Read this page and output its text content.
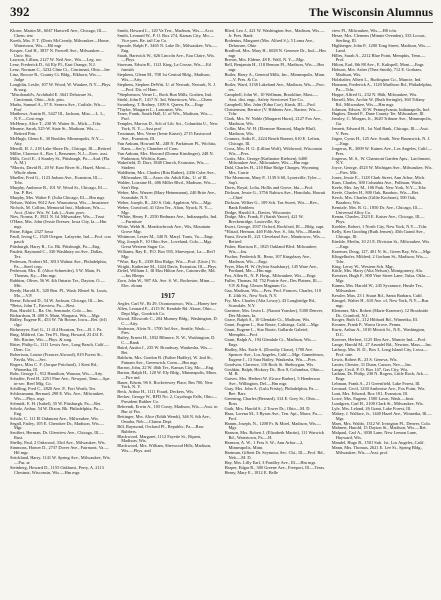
392	The Wisconsin Alumnus

Kloser, Martin M., 6047 Hartwell Ave., Chicago, Ill.—Chem. test

Koeth, Mrs. F. T. (Doris McCready, Milwaukee—Home, Watertown, Wis.—Hil mgr

Kosper, Carl H., 3837 N. Farwell Ave., Milwaukee—Univ. Stu.

Lawson, Lillian, 2127 W. Neil Ave., Wis.—Leg. sec.

Lenz, Frederick D., 64 Ely Pl., East Orange, N.J.

Lenz, Norman C., 3232 Cline Ct., Cincinnati, Ohio—Inv

Linz, Roscoe R., County Ct. Bldg., Elkhorn, Wis.—Judge

Loughlin, Leslie, 107 W. Wood, W. Waukee, N.Y.—Phys. & surg.

"Macdonald's, Archibald E. 3641 Delaware St., Cincinnati, Ohio—Sch. prin.

Marks, Samuel A., 57 E. Seneca Ave., Carlisle, Wis.—Prof

Matthews, Austin R., 5427 Ill., Jackson, Miss.—L. L., N.Y.—Cost engr.

McHenry, Alice T., 230 W. Waiter St., Mich.—Tchr.

Meanse, Sarah, 525-W. State St., Madison, Wis.—Retired Prin.

McHugh, Glenn E., 30 Boulder, Minneapolis, N.Y.—Atty.

Merrill, H. J., 218 Lake Shore Dr., Chicago, Ill.—Retired

Miller, Clarence A., Box 1, Bessemer, N.J.—Exec. asst.

Mills, Cecil E., 4 Stanley St., Pittsburgh, Pa.—Aud. (Fla. A. M.)

*Morris, David B., 20 W. Kaw River St., Hazel, Mont.—Whole ahem.

Mueller, Fred G., 1123 Judson Ave., Evanston, Ill.—Tchr.

Murphy, Ambrose B., 101 W. Wood St., Chicago, Ill.—Ins. P. Ret.

Murphy, Mrs. Walter F. (Julia Chicago, Ill.—Hm mgr.

Nelson, Walter, 9612 Ave. Wauwatosa, Wis.—Insurance

Nichols, M. Collins, Memorial Inst., Madison, Wis.—Acct. (Univ. Wis. W. Lab.)—Auto. prov.

Nies, Norma, P., 3921 N. Id. Milwaukee, Wis.—Trust

O'Hara, Mrs. John (Jessie Dresser, Iowa City, Ia.—Hm mgr.

Paine, Edgar, 2327 Iowa

Paull, Irving C., 1520 Oregon. Lafayette, Ind.—Prof. con pasch

Pittsburgh, Harry R., Co. Bk. Pittsburgh, Pa.—Eng.

Paulett, Raymond C., 330 Washbury on Ave., Dallas, Tex.

Pederson, Norbert M., 3813 Walnut Ave., Philadelphia, Pa.—Steel corp.

Pederson, Mrs. E. (Alice Schneider), 5 W. Main, Ft. Thomas, Ky.—Hm mgr.

Rabbins, Oliver, 56 W. 4th Ontario Ter., Dayton, O.—Mfr.

Reedy, Harold E., 320 Ben. Pl., Wash. Bleuel St. Louis, Mo.—V.P.

Reese, Edward D., 54 W. Jackson, Chicago, Ill.—Ins.

*Reiss, John T., Fairview, Pa.—Rest.

Rau, Harold L., Ra. Ort, Seminole, Colo.—Ins.

Richardson, H. 400 S. Main, Waupaca, Wis.—Mgr.

Ridley, Eugene R., 453 W. 7th Boone, Iowa—Ret. (frl) clgo

Rickmeyer, Earl G., 11 414 Houston, Tex.—B. I. Pa.

Ring, Mildred, Cm. Ten Pl., Ring, Howard, Zl 431 E. 8th. Racine, Wis.—Phys. & surg.

Ritter, Philip G., 1111 Lewis Ave., Long Beach, Calif.—Dem. Co.

Robertson, Louise (Frances Alwood), 819 Forest St., Pavila, Wis.—Sec.

Rogers, Miss C. F. (Jacque Pritchard), 1 Kent Rd., Winnetka, Ill.

Rohr, George J., 912 Hamilton, Wausau, Wis.—Atty.

Schaffer, Fred H., 2251 Pine Ave., Newport, Tenn.—Spe. in-sec. Reel Mfg. Co.

Schilling, Fred C., 2820 Ave. P., Fort Worth, Tex.

Schlossmann, Bernard, 298 E. Wis. Ave., Milwaukee, Wis.—Phys. mgr.

Schmidt, E. H. (Isabel), 35 W. Pittsburgh, Pa.—Ret.

Scholz, Arthur, 54 W. Dixon, Bk. Philadelphia, Pa.—Eng.

Scholz, C. 111 El Oakmont Ave., Milwaukee, Wis.

Segall, Fatley, 105 E. Cherokee Dr., Madison, Wis.—Mgr.

Seuffert, Herman, Dr. Glenview Ave., Chicago, Ill.—Rust.

Shelby, Paul, 2 Oakwood, 33rd Ave., Milwaukee, Wis.

Simmons, Homer D., 2737 Dover Ave., Fairmont, Va.—Hil mgr.

Strickland, Harry, 1141 W. Spring Ave., Milwaukee, Wis.—Pur. ar

Steinberg, Howard D., 1155 Oakhurst, Perry, A. 2113 Chestnut, Wisconsin, Wis.—Hm mgr.

Smith, Howard L., 120 Va Terr., Madison, Wis.—Acct.

Smith, Leonard W., P. O. Box 274, Kansas City, Mo.—Vice pres. Re. tail Car Co.

Sproule, Ralph F., 3465 N. Lake Dr., Milwaukee, Wis.—Eng.

Staab, Hartwick W., 626 Lincoln Ave., Eau Claire, Wis.—Phys.

Stavrum, Edwin R., 1121 King, La Crosse, Wis.—Ed furnish

Stephens, Glenn M., 708 1st Central Bldg., Madison, Wis.—Atty.

Stephens, Stephen DeWitt, U. of Newark, Newark, N. J.—Prof. Dir. of Ham.

*Stephenson, Verne L., Rock Run Mills, Goshen, Ind.

Stiehl, John F., 1417 N. 3rd, Watertown, Wis.—Chem

Swanberg, T. Rodney, 1109 S. Queen, Pa.—Engr

*Taylor, Margaret L., Lancaster, Wis.

Teare, Frank, South Hall, U. of Wis., Madison, Wis.—Prof.

Temples, Marcus D., Sch of Lib. Sci., Columbia U., New York, N. Y.—Asst prof

Troutman, Mrs. Verne (Irene Kaiser), 2715 Eastwood Ave., Evanston, Ill.

Van Ankum, Howard M., 248 N. Parkinson Pl., Wichita, Kans.—Sec'y, Chamber of Com.

Van Ankum, Mrs. Howard (Dorma Kinslinger), 248 N. Parkinson, Wichita, Kans.

Wakefield, D. Dorr, 1848 Church, Evanston, Wis.—Student

Waldheim, Mrs. Charles (Rita Rather), 2436 Cube Ave., Milwaukee, Ill.—Assoc dir. Adult Edu., U. of Ill.

Walder, Lorraine H., 406 Miller Blvd., Madison, Wis.—Sen'r Rep.

Weber, Mrs. Warren (Mary Heinemann), 240 Brite Ave., Scarsdale, N.Y.

Weber, Joseph, R., 220 S. Oak, Appleton, Wis.—Mgr.

Weber, Crawford, 41 Glen Ter., Alton, Nyack, N. Y.—Mgr.

*White, Henry F., 2550 Bedmars Ave., Indianapolis, Ind.—Furniture

White, Webb B., Meadowbrook Ave., Wis, Mountain Grove Mgr.

Whitmore, Lester M., 340 N. Maryl. Toms, Va.—Engr.

Wig, Joseph F., 10 Ohio Ave., Loveland, Colo.—Mgr. Great Western Sugar Co.

Williams, Ray E., P.O. Box 935, Shreveport, La.—Ret'l Mgr

*Wise, Ray E., 2338 Elm Ridge, Wis.—Prof. (Univ.) Vt.

Wright, Katherine M., 1424 Davis, Evanston, Ill.—Phys.

Zirbel, William J., Ill Elm Hilton Ave., Catonsville, Md.—Ins Bleeps

Zorn, John W., 987 Alt. Ave. S. W., Rochester, Minn.—Elec. elonm

1917

Aegler, Carl W., Rt 29, Oconomowoc, Wis.—Honey bee

Allen, Leonard E., 4115 W. Kendale Rd. Akron, Ohio—Dept Mgr., Goodrich Co.

Alwod, Ellsworth C., 204 Munsey Bldg., Washington, D. C.—Atty.

Anderson, Alvin N., 1700 3rd Ave., Seattle, Wash.—Pres.

Bailey, Ernest H., 1832 Bllmore, N. W., Washington, D. C.—Bank

Baird, Austin J., 235 W. Broadway, Waukesha, Wis.—Ret.

Baldwin, Mrs. Gordon B. (Esther Hadley), W. 2nd St., Putnam Ave., Greenwich, Conn.—Hm mgr.

Barron, John, 22 W. 46th Ter., Kansas City, Mo.—Eng.

Barton, Ralph H., 120 W. Ely Bldg., Minneapolis, Minn.—Fire ind.

Bauer, Edwin, 96 S. Rockviewey Place, Rm 700, New York, N. Y.

Beck, Arthur H., 1111 Fourd, Deckers, Wis.

Becker, George W., RFD No. 2, Cuyahoga Falls, Ohio—President Rubber Co.

Behrendt, Erwin A., 105 Conry, Madison, Wis.—Asst. in Bur of Fin.

Bettinger, Mrs. Alice (Edith Wendt), 346 N. 6th Ave., Omaha, Neb.—Claims Dept.

Bill, Raymond, Orchard Pl., Republic, Pa.—Raw Rubbers.

Blackwood, Margaret, 1112 Fayette St., Ripant, Madison, Wis.

Blackwood, Mrs. William, Sherwood Hills, Madison, Wis.—Phys. and

Blied, Leo J., 421 W. Washington Ave., Madison, Wis.—Jr. Pres. Bank

Bodenius, Margaret (Mrs. Alfred S.), 5 Loma Ave., Delaware, Ohio

Bradford, Mrs. Mary H., 6028 N. Genesee Dr., Ind.—Hm mgr

Brown, Mrs. Eldene, 48 E. Wall, N. Y.—Mgr.

Bell, Benjamin H., 118 Benson Pl., Madison, Wis.—Hm mgr.

Butler, Harry A., General Mills, Inc., Minneapolis, Minn.—V. Pres. & Co.

Butler, Ward, 3138 Lakeland Ave., Madison, Wis.—Proc. res.

Campbell, John W., 10 Wellman, Brookline, Mass.—Asst. dist. engr., Safety Serviceset Tire Co.

Campbell, Mrs. John (Edna Coe), Kinsh, III.—Prof.

Christensen, Bernice (V. Hibbens Ave., Racine, Wis.—Tchr.

Clark, Mrs. W. Noble (Margaret Hurst), 2127 Fox Ave., Madison, Wis.

Collin, Mrs. W. H. (Eleanore Hanson), Maple Bluff, Madison, Wis.

Connors, Ardis E., 2224 Beach Bonnet, 610 E. Lefton, Chicago, Ill.

Cross, Mrs. H. G. (Lillian Wolf), Wildwood, Wisconsin Wis.—Pres.

Curtis, Mrs. George (Katharine Kiebsen), 6400 Milwaukee Ave., Milwaukee, Wis.—Hm mgr.

Dahl, Charles H., 210 Blue Ridge Charges, Wyoming Mrs. Carrie

The Mormons, Mary P., 1139 S 60, Lyontville, Tyler—Sup't.

Davis, Royal, Lolia, Hollis and Grove, Ida.—Prof.

Dickson, Jessie G., 3756 Nahiwa Ave., Honolulu, Hawaii—Chief

Dickson, Wilber G., 109 Sch. Tea Sweet, Wis.—Rev., Bank Emblem

Dodge, Harold A., Davies, Wisconsin

Dodge, Mrs. Frank, P. (Sarah Vance), 421 W. Breckenridge, Louisville, Ky.

Ewert, George, 2937 Oxford, Rockford, Ill.—Bldg. supt.

*Elstad, Herman, 440 Fifth Ave. S., Ida, Wis.—Blanks

Faust, Erwin R., 221 Cleveland Ave., Manitowoc, Wis.—Retired

Fisher, Harrison E., 1825 Oakland Blvd. Milwaukee, Wis.—Ins.

Fischer, Frederick B., Reno, 107 Kingsbury Ave., Madison, Wis.—Engr.

Fryer, Max H. W. (Sylvia Saulsbury), 145 Ware Ave., Portland, Me.—Hm mgr.

Fox, Allen R., N. P. Hosp., Milwaukee, Wis.—Engr.

Fuller, Thomas, M. 752 Prairie Ave., Des Plaines, Ill.—V.P. & Eng. Uleson Magnum Co.

Gaa, Madison, Wis.—Pres. Prof. Frances, Charles, 110 E. 24th St., New York, N.Y.

Fry, Mrs. Charles (Alta Lowry), 43 Longbridge Rd., Scarsdale, N.Y.

Gaertner, Mrs. Irwin L. (Naomi Yoncker), 5300 Denver, Des Moines, Ia.

Grace, Ralph A., 10 Glendale Ct., Madison, Wis.

Grant, Eugene L., Star Route, Calistoga, Calif.—Mgr.

Grant, Eugene L., Star Route, Gallardo Gabriel, Memphis—Prof.

Grant, Ralph A., 194 Glendale Ct., Madison, Wis.—Engr.

Hadley, Mrs. Earle A. (Dorothy Chase), 1700 Ave. Spencer Ave., Los Angeles, Calif.—Mgr. Gumedenox, Eugene J., 13 Sara Bailey, Waukesha, Wis.—Pres.

Goodwin, Clarence, 116 Rock St. Sheboygan, Wis.

Goshkin, Ralph, Hickory Dr., Box 8, Columbus, Ohio—M. B.

Graves, Mrs. Herbert W. (Grace Barber), 5 Henderson Ave., Willington, Del.—Hm mgr.

Gray, Mrs. John A. (Lulu Frisby), Philadelphia, Pa.—Bee. Barr.

Greening, Charles (Bernard), 314 E. Grey St., Ohio—Boss

Guth, Mrs. Harold S., 2 Tower Dr., Ohio—M. D.

Haas, Lorena M., 3 Byron Ave., Ten. Apt., Mawr, Pa.—Prof.

Hamm, Joseph, N., 1208 Fr. & Mirel, Madison, Wis.—Mgr.

Hanson, Mrs. Robert J. (Elizabeth Martin), 111 Warwick Rd., Watertown, Pa.—H.

Harmon, A. W., 1 Fess S. W., Ann Arbor—2, Minneapolis, Minn.

Hartman, Gilbert Dr. Seymour, Sec. Chi., Ill.—Prof. Rd., Neb.—M. D.

Hay, Mrs. Lilly Earl, 3 Pondley Ave., Ill.—Hm mgr.

Harper, Edgar R., 300 Greene Ave., Freeport, Ill.—Treas.

Henry, Mary E., 1812 E. Belle

view Pl., Milwaukee, Wis.—HS tchr.

Hesse, Mrs. Clemens (Minnie Ovenden), 333 Locust, Sterling, Ill.

Highberger, John P., 1200 Tong Street, Madison, Wis.—Land.

Hilles, Sarah A., 2212 Blue Point, Memphis, Tenn.—Prof.

Hilton, Earl, 8th 88 Ave., E. Kalispell, Mont.—Engr.

Hobson, Mrs. Asher (Thea Smith), 712 E. Gorham, Madison, Wis.

Holzhalter, Albert L., Burlington Co., Muncie, Ind.

Homann, Frederick A., 1120 Marlboro Rd., Philadelphia, Pa.—Tchr.

Hoppe, Alfred G., 232 N. 86th, Milwaukee, Wis.

Horsell, Mrs. Archie W. (Ruth Seringle), 360 Tiffany Rd., Milwaukee, Wis.—Hm mgr.

Johnson, Edwin, 10 W. Pennsylvania, Indianapolis, Ind.

Hughes, Daniel F., Dane County Ter. Milwaukee, Ill.

Jensley, C. Morgan, Jr., 3620 Tribune Ave., Minneapolis, Ga.

Jennett, Edward B., 1st Natl Bank, Chicago, Ill.—Asst. V. Pres.

Jirgee, Cyrus H., 125 Ave. South, New Brunswick, N. J.—Engr.

Jorgerus, B., 3009 W. Kaines Ave., Los Angeles, Calif.—Pres.

Jorgerus, M. S., W. Charmont Garden Apts., Larchmont, N.Y.

Joyce, George, 4525 W. Michigan Ave., Milwaukee, Wis.—Pres. Mfr.

Jones, Jessie E., 1128 Clark Street, Ann Arbor, Mich.

Karn, Charles, 300 Columbia Ave., Pullman, Wash.

Keele, Mrs. Jay M., 106 Park. New York, N.Y.—Tchr.

Keefe, Charles H., 800 Oak, Baraboo, Wis.—Ret.

Kerch, Mrs. Charles (Gillie Kochnes), 500 Oak, Baraboo, Wis.

Kemiale, Mrs. R. G., 1850 Dr. Ave., Chicago, Ill.—Universal Alloy Co.

Kenan, Charles, 2323 E. Kaiser Ave., Chicago, Ill.—Phys.

Koehler, Robert, 1 North City, New York, N.Y.—Tchr.

Kelly, Ken Gooding (Ruth Jensen), 45th Grand Ave., Chicago, Ill.

Kimble, Merlin, 10 21 E. Division St., Milwaukee, Wis.—Engr.

Kraemer, Doug, 127, 401 N. St., Green Bay, Wis.—Mgr.

Klingelhofer, Mildred, 2 Gorham St., Madison, Wis.—Tchr.

King, Leroy W., Western Sch. Mgr.

Kittle, Mrs. Harry (Alta Nelson), Montgomery, Ala.

Kreutzer, Hugh F., 800 Vine Street Lane, Tulsa, Okla.—Mgr.

Kamm, Mrs. Harold W., 245 Sycamore, Hustle Ter., Milwaukee.

Kessler, Max, 23 1 Stuart Rd., Santa Barbara, Calif.

Kinsgel, Walter H., 610 Ave. of, New York, N.Y.—Bus mgr.

Klemmer, Mrs. Robert (Marie Kraemer), 12 Brookside Dr., Cranford, N.J.

Kroger, Ruth G., 212 Hibbard Rd., Winnetka, Ill.

Kosmer, Frank P., Wawa Grove, Penna.

Kurtz, Arthur A., 1010 Merritt St., N.E., Washington, D.C.

Koerner, Herbert, 1125 Elm Ave., Muncie Ind.—Prof.

Lange, Harold M., 27 Arundel Rd., Newton, Mass.—Ins.

Lathrop, Mrs. R. D., Box 3, Long Island City, Lowa—Prof. rate.

Lewis, Robert B., 23 S. Geneva, Wis.

Lanier, Chester, 31 Dunn, Carson, Nev.—Ins.

Lange, Cecil, P. O. Box 147, Gas City, Wis.

Latham, Dr. Philip, 230 N. Rogers, Little Rock, Ark.—Engr.

Lehman, Frank A., 21 Greenfield, Lake Forest, Ill.

Leonard, Cecil, 1230 Ambroise Ave., Fox Point, Wis.

Lunt, Mrs. Edward, Box 101, Evanston, Ill.

Lowe, Mrs. Eugene, 1500 Lawn, Wash.—Instr.

Lundgren, Carl H., 2100 Clark St., Milwaukee, Wis.

Lyle, Mrs. Leland, 26 Grant, Lake Forest, Ill.

Mabey, J. Wallace, Jr., 1440 Hazel Ave., Winnetka, Ill.—Mgr.

Maes, Mrs. Waldo, 1312 W. Irvington Pl., Denver, Colo.

Mahnert, Harold, 15 Dayton St., Madison, Wis.—Ret.

Malpaul, Carl A., 3030 Lane, New Lemon Lane, Hayward, Wis.

Mandel, Hugo B., 1501 Sub. 1st, Los Angeles, Calif.

Mann, Mrs. Thomas, 2621 E. Lee St., Spring Bldg., Milwaukee, Wis.—Asst. prof.
